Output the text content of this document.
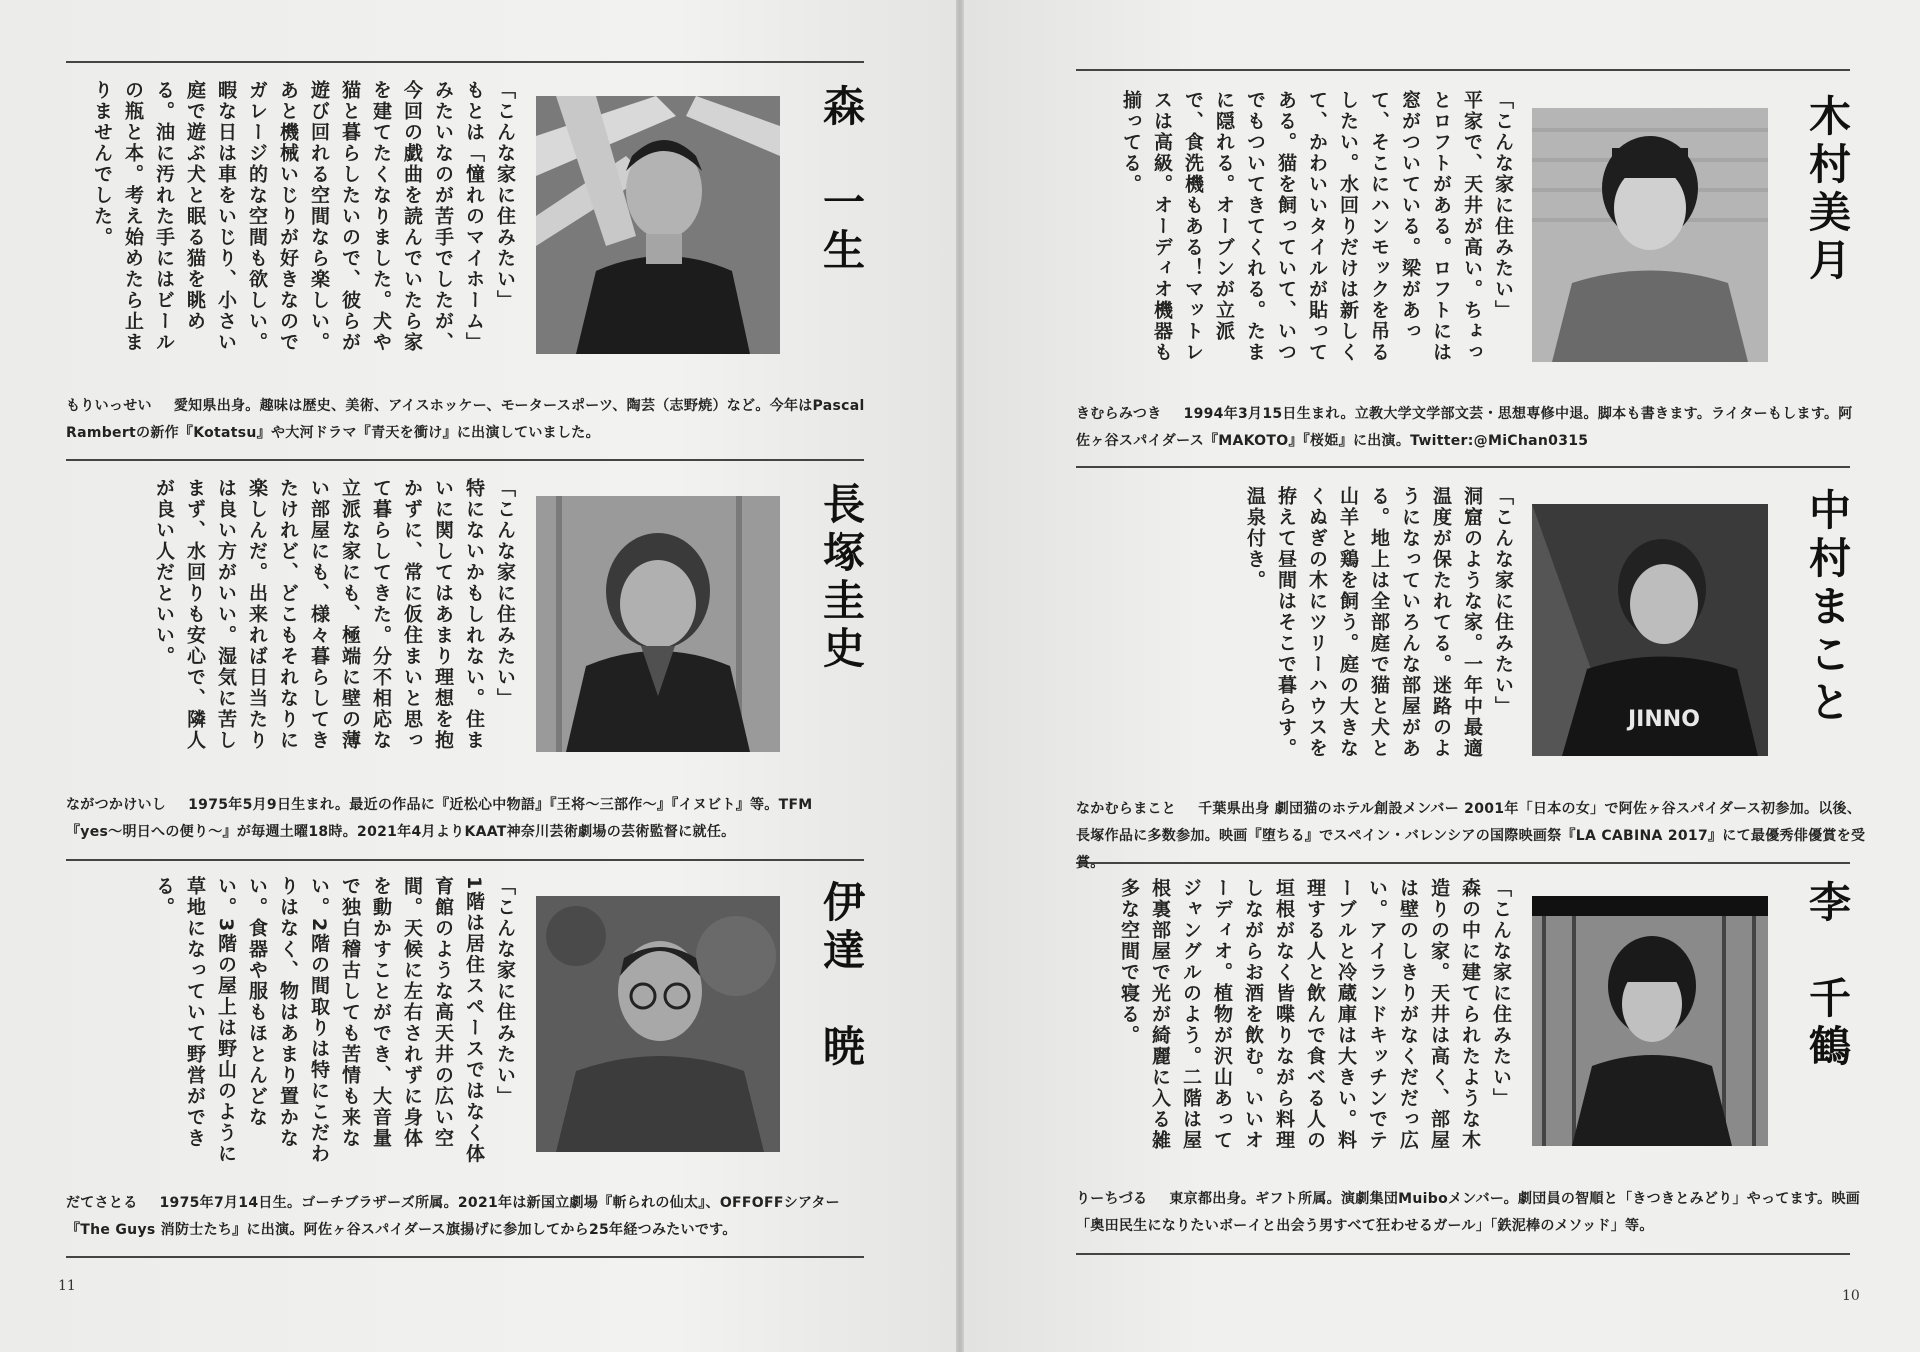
森　一生
「こんな家に住みたい」
もとは「憧れのマイホーム」みたいなのが苦手でしたが、今回の戯曲を読んでいたら家を建てたくなりました。犬や猫と暮らしたいので、彼らが遊び回れる空間なら楽しい。あと機械いじりが好きなのでガレージ的な空間も欲しい。暇な日は車をいじり、小さい庭で遊ぶ犬と眠る猫を眺める。油に汚れた手にはビールの瓶と本。考え始めたら止まりませんでした。
もりいっせい 愛知県出身。趣味は歴史、美術、アイスホッケー、モータースポーツ、陶芸（志野焼）など。今年はPascal Rambertの新作『Kotatsu』や大河ドラマ『青天を衝け』に出演していました。
長塚圭史
「こんな家に住みたい」
特にないかもしれない。住まいに関してはあまり理想を抱かずに、常に仮住まいと思って暮らしてきた。分不相応な立派な家にも、極端に壁の薄い部屋にも、様々暮らしてきたけれど、どこもそれなりに楽しんだ。出来れば日当たりは良い方がいい。湿気に苦しまず、水回りも安心で、隣人が良い人だといい。
ながつかけいし 1975年5月9日生まれ。最近の作品に『近松心中物語』『王将〜三部作〜』『イヌビト』等。TFM『yes〜明日への便り〜』が毎週土曜18時。2021年4月よりKAAT神奈川芸術劇場の芸術監督に就任。
伊達　暁
「こんな家に住みたい」
1階は居住スペースではなく体育館のような高天井の広い空間。天候に左右されずに身体を動かすことができ、大音量で独白稽古しても苦情も来ない。2階の間取りは特にこだわりはなく、物はあまり置かない。食器や服もほとんどない。3階の屋上は野山のように草地になっていて野営ができる。
だてさとる 1975年7月14日生。ゴーチブラザーズ所属。2021年は新国立劇場『斬られの仙太』、OFFOFFシアター『The Guys 消防士たち』に出演。阿佐ヶ谷スパイダース旗揚げに参加してから25年経つみたいです。
11
木村美月
「こんな家に住みたい」
平家で、天井が高い。ちょっとロフトがある。ロフトには窓がついている。梁があって、そこにハンモックを吊るしたい。水回りだけは新しくて、かわいいタイルが貼ってある。猫を飼っていて、いつでもついてきてくれる。たまに隠れる。オーブンが立派で、食洗機もある！マットレスは高級。オーディオ機器も揃ってる。
きむらみつき 1994年3月15日生まれ。立教大学文学部文芸・思想専修中退。脚本も書きます。ライターもします。阿佐ヶ谷スパイダース『MAKOTO』『桜姫』に出演。Twitter:@MiChan0315
中村まこと
JINNO
「こんな家に住みたい」
洞窟のような家。一年中最適温度が保たれてる。迷路のようになっていろんな部屋がある。地上は全部庭で猫と犬と山羊と鶏を飼う。庭の大きなくぬぎの木にツリーハウスを拵えて昼間はそこで暮らす。温泉付き。
なかむらまこと 千葉県出身 劇団猫のホテル創設メンバー 2001年「日本の女」で阿佐ヶ谷スパイダース初参加。以後、長塚作品に多数参加。映画『堕ちる』でスペイン・バレンシアの国際映画祭『LA CABINA 2017』にて最優秀俳優賞を受賞。
李　千鶴
「こんな家に住みたい」
森の中に建てられたような木造りの家。天井は高く、部屋は壁のしきりがなくだだっ広い。アイランドキッチンでテーブルと冷蔵庫は大きい。料理する人と飲んで食べる人の垣根がなく皆喋りながら料理しながらお酒を飲む。いいオーディオ。植物が沢山あってジャングルのよう。二階は屋根裏部屋で光が綺麗に入る雑多な空間で寝る。
りーちづる 東京都出身。ギフト所属。演劇集団Muiboメンバー。劇団員の智順と「きつきとみどり」やってます。映画「奥田民生になりたいボーイと出会う男すべて狂わせるガール」「鉄泥棒のメソッド」等。
10
